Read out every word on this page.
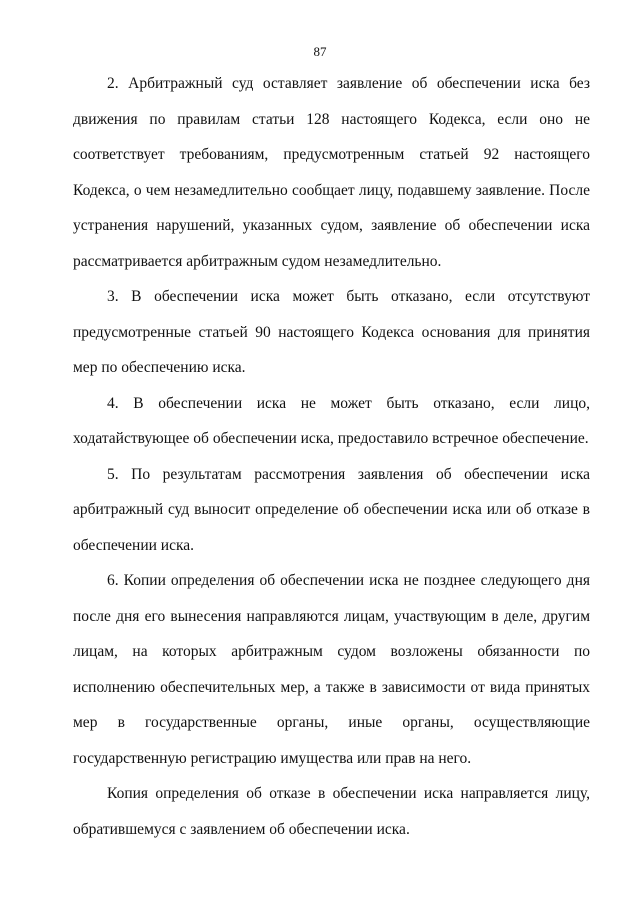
87

2. Арбитражный суд оставляет заявление об обеспечении иска без движения по правилам статьи 128 настоящего Кодекса, если оно не соответствует требованиям, предусмотренным статьей 92 настоящего Кодекса, о чем незамедлительно сообщает лицу, подавшему заявление. После устранения нарушений, указанных судом, заявление об обеспечении иска рассматривается арбитражным судом незамедлительно.

3. В обеспечении иска может быть отказано, если отсутствуют предусмотренные статьей 90 настоящего Кодекса основания для принятия мер по обеспечению иска.

4. В обеспечении иска не может быть отказано, если лицо, ходатайствующее об обеспечении иска, предоставило встречное обеспечение.

5. По результатам рассмотрения заявления об обеспечении иска арбитражный суд выносит определение об обеспечении иска или об отказе в обеспечении иска.

6. Копии определения об обеспечении иска не позднее следующего дня после дня его вынесения направляются лицам, участвующим в деле, другим лицам, на которых арбитражным судом возложены обязанности по исполнению обеспечительных мер, а также в зависимости от вида принятых мер в государственные органы, иные органы, осуществляющие государственную регистрацию имущества или прав на него.

Копия определения об отказе в обеспечении иска направляется лицу, обратившемуся с заявлением об обеспечении иска.
